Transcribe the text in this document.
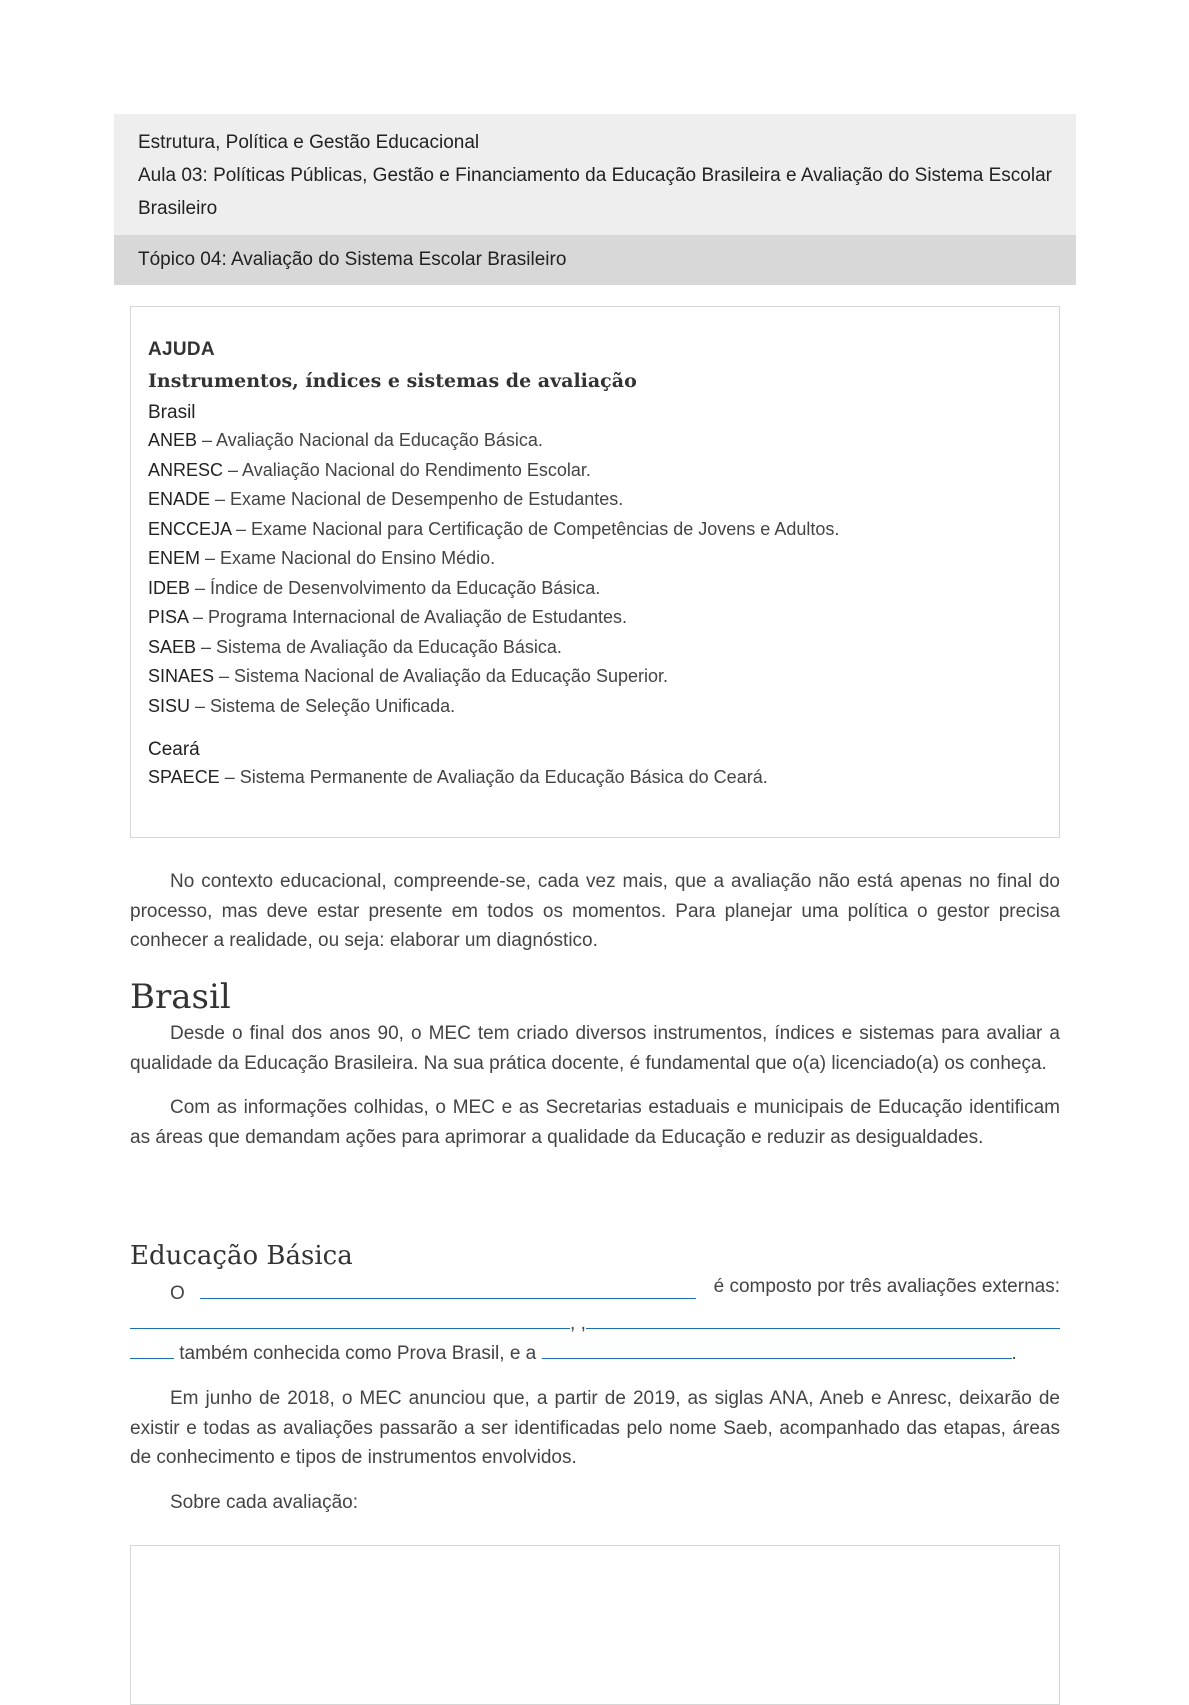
Estrutura, Política e Gestão Educacional
Aula 03: Políticas Públicas, Gestão e Financiamento da Educação Brasileira e Avaliação do Sistema Escolar Brasileiro
Tópico 04: Avaliação do Sistema Escolar Brasileiro
AJUDA
Instrumentos, índices e sistemas de avaliação
Brasil
ANEB – Avaliação Nacional da Educação Básica.
ANRESC – Avaliação Nacional do Rendimento Escolar.
ENADE – Exame Nacional de Desempenho de Estudantes.
ENCCEJA – Exame Nacional para Certificação de Competências de Jovens e Adultos.
ENEM – Exame Nacional do Ensino Médio.
IDEB – Índice de Desenvolvimento da Educação Básica.
PISA – Programa Internacional de Avaliação de Estudantes.
SAEB – Sistema de Avaliação da Educação Básica.
SINAES – Sistema Nacional de Avaliação da Educação Superior.
SISU – Sistema de Seleção Unificada.
Ceará
SPAECE – Sistema Permanente de Avaliação da Educação Básica do Ceará.

No contexto educacional, compreende-se, cada vez mais, que a avaliação não está apenas no final do processo, mas deve estar presente em todos os momentos. Para planejar uma política o gestor precisa conhecer a realidade, ou seja: elaborar um diagnóstico.

Brasil

Desde o final dos anos 90, o MEC tem criado diversos instrumentos, índices e sistemas para avaliar a qualidade da Educação Brasileira. Na sua prática docente, é fundamental que o(a) licenciado(a) os conheça.

Com as informações colhidas, o MEC e as Secretarias estaduais e municipais de Educação identificam as áreas que demandam ações para aprimorar a qualidade da Educação e reduzir as desigualdades.

Educação Básica
O	é composto por três avaliações externas:
, ,
também conhecida como Prova Brasil, e a	.

Em junho de 2018, o MEC anunciou que, a partir de 2019, as siglas ANA, Aneb e Anresc, deixarão de existir e todas as avaliações passarão a ser identificadas pelo nome Saeb, acompanhado das etapas, áreas de conhecimento e tipos de instrumentos envolvidos.

Sobre cada avaliação:
